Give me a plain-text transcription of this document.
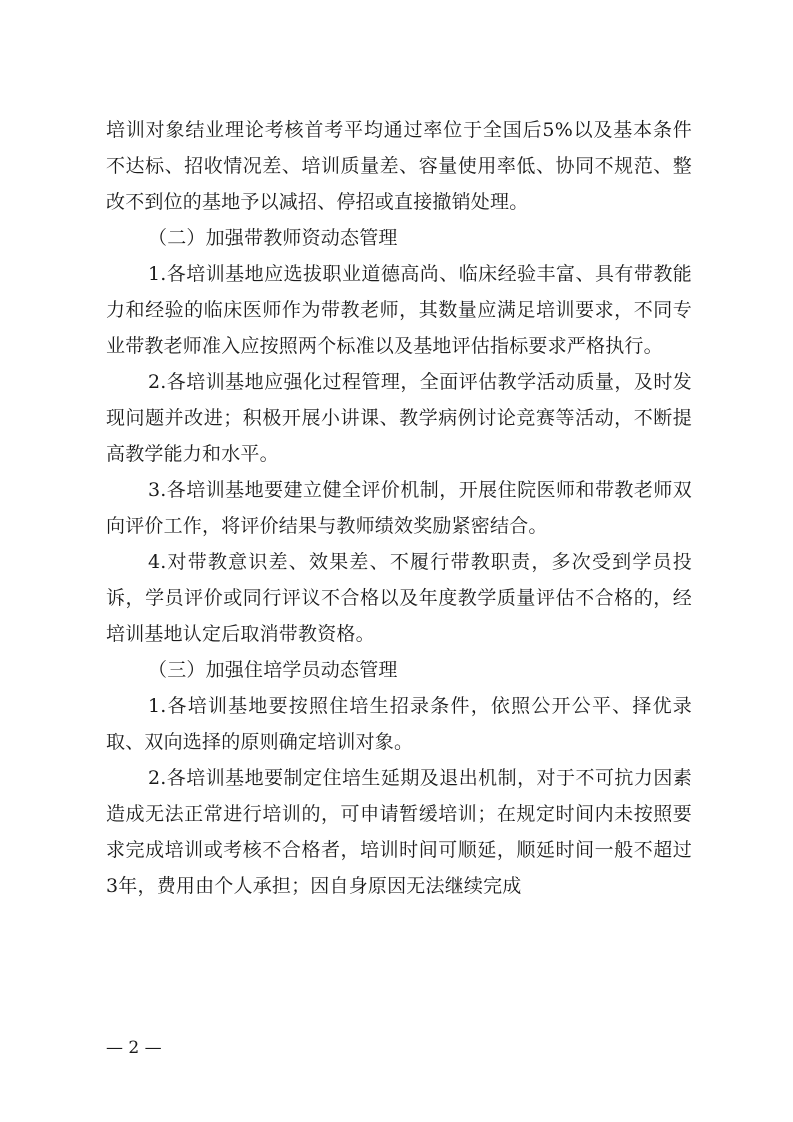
培训对象结业理论考核首考平均通过率位于全国后5%以及基本条件不达标、招收情况差、培训质量差、容量使用率低、协同不规范、整改不到位的基地予以减招、停招或直接撤销处理。

（二）加强带教师资动态管理

1.各培训基地应选拔职业道德高尚、临床经验丰富、具有带教能力和经验的临床医师作为带教老师，其数量应满足培训要求，不同专业带教老师准入应按照两个标准以及基地评估指标要求严格执行。

2.各培训基地应强化过程管理，全面评估教学活动质量，及时发现问题并改进；积极开展小讲课、教学病例讨论竞赛等活动，不断提高教学能力和水平。

3.各培训基地要建立健全评价机制，开展住院医师和带教老师双向评价工作，将评价结果与教师绩效奖励紧密结合。

4.对带教意识差、效果差、不履行带教职责，多次受到学员投诉，学员评价或同行评议不合格以及年度教学质量评估不合格的，经培训基地认定后取消带教资格。

（三）加强住培学员动态管理

1.各培训基地要按照住培生招录条件，依照公开公平、择优录取、双向选择的原则确定培训对象。

2.各培训基地要制定住培生延期及退出机制，对于不可抗力因素造成无法正常进行培训的，可申请暂缓培训；在规定时间内未按照要求完成培训或考核不合格者，培训时间可顺延，顺延时间一般不超过3年，费用由个人承担；因自身原因无法继续完成

— 2 —
